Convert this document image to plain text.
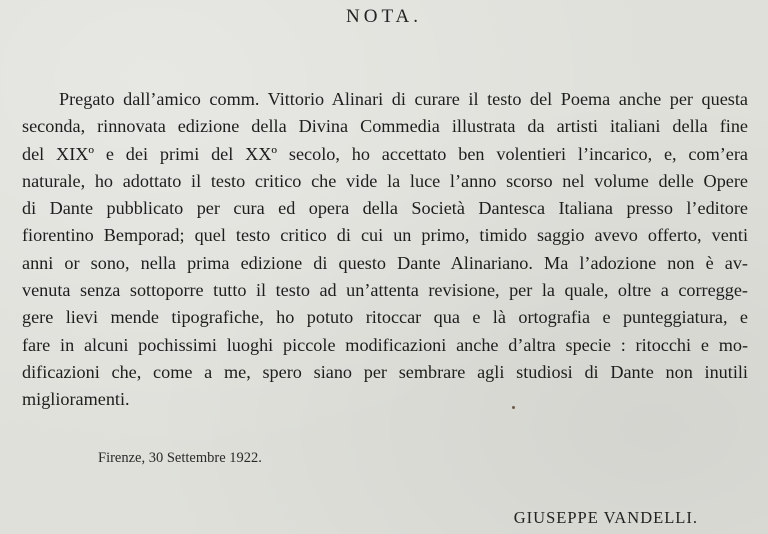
NOTA.
Pregato dall’amico comm. Vittorio Alinari di curare il testo del Poema anche per questa
seconda, rinnovata edizione della Divina Commedia illustrata da artisti italiani della fine
del XIXº e dei primi del XXº secolo, ho accettato ben volentieri l’incarico, e, com’era
naturale, ho adottato il testo critico che vide la luce l’anno scorso nel volume delle Opere
di Dante pubblicato per cura ed opera della Società Dantesca Italiana presso l’editore
fiorentino Bemporad; quel testo critico di cui un primo, timido saggio avevo offerto, venti
anni or sono, nella prima edizione di questo Dante Alinariano. Ma l’adozione non è av-
venuta senza sottoporre tutto il testo ad un’attenta revisione, per la quale, oltre a corregge-
gere lievi mende tipografiche, ho potuto ritoccar qua e là ortografia e punteggiatura, e
fare in alcuni pochissimi luoghi piccole modificazioni anche d’altra specie : ritocchi e mo-
dificazioni che, come a me, spero siano per sembrare agli studiosi di Dante non inutili
miglioramenti.
Firenze, 30 Settembre 1922.
GIUSEPPE VANDELLI.
